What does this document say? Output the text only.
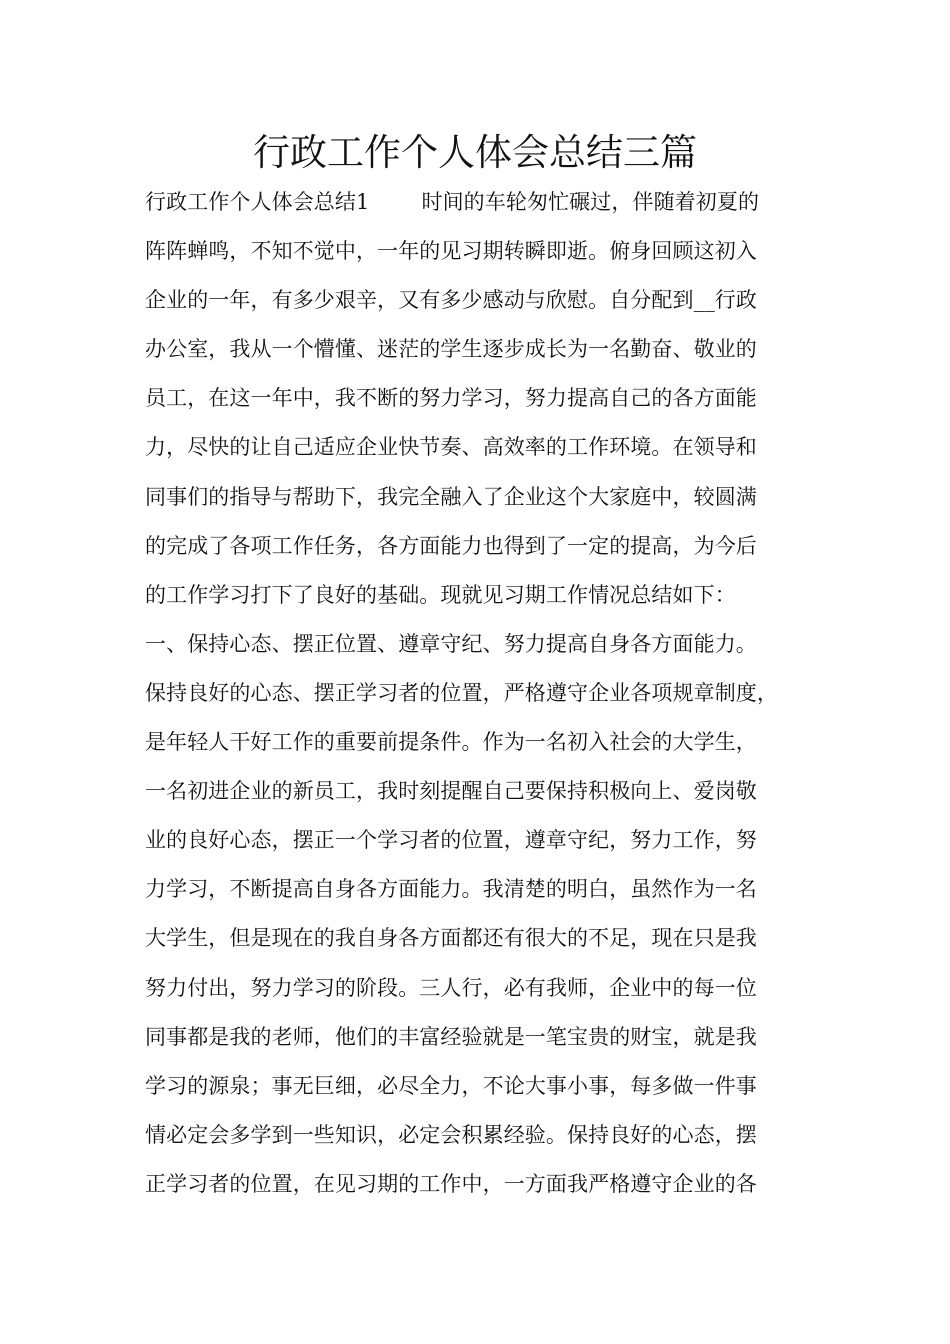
行政工作个人体会总结三篇
行政工作个人体会总结1 时间的车轮匆忙碾过，伴随着初夏的
阵阵蝉鸣，不知不觉中，一年的见习期转瞬即逝。俯身回顾这初入
企业的一年，有多少艰辛，又有多少感动与欣慰。自分配到__行政
办公室，我从一个懵懂、迷茫的学生逐步成长为一名勤奋、敬业的
员工，在这一年中，我不断的努力学习，努力提高自己的各方面能
力，尽快的让自己适应企业快节奏、高效率的工作环境。在领导和
同事们的指导与帮助下，我完全融入了企业这个大家庭中，较圆满
的完成了各项工作任务，各方面能力也得到了一定的提高，为今后
的工作学习打下了良好的基础。现就见习期工作情况总结如下：
一、保持心态、摆正位置、遵章守纪、努力提高自身各方面能力。
保持良好的心态、摆正学习者的位置，严格遵守企业各项规章制度，
是年轻人干好工作的重要前提条件。作为一名初入社会的大学生，
一名初进企业的新员工，我时刻提醒自己要保持积极向上、爱岗敬
业的良好心态，摆正一个学习者的位置，遵章守纪，努力工作，努
力学习，不断提高自身各方面能力。我清楚的明白，虽然作为一名
大学生，但是现在的我自身各方面都还有很大的不足，现在只是我
努力付出，努力学习的阶段。三人行，必有我师，企业中的每一位
同事都是我的老师，他们的丰富经验就是一笔宝贵的财宝，就是我
学习的源泉；事无巨细，必尽全力，不论大事小事，每多做一件事
情必定会多学到一些知识，必定会积累经验。保持良好的心态，摆
正学习者的位置，在见习期的工作中，一方面我严格遵守企业的各
